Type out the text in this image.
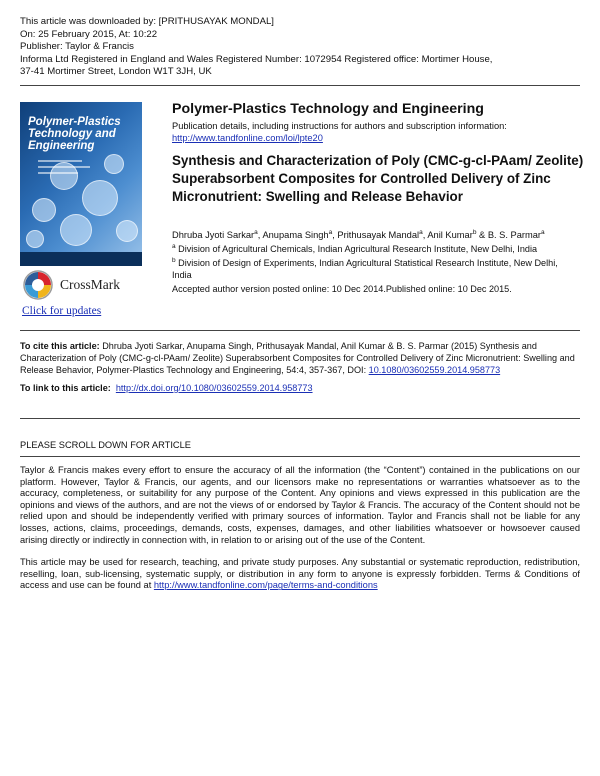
This article was downloaded by: [PRITHUSAYAK MONDAL]
On: 25 February 2015, At: 10:22
Publisher: Taylor & Francis
Informa Ltd Registered in England and Wales Registered Number: 1072954 Registered office: Mortimer House,
37-41 Mortimer Street, London W1T 3JH, UK
Polymer-Plastics
Technology and
Engineering
CrossMark
Click for updates
Polymer-Plastics Technology and Engineering
Publication details, including instructions for authors and subscription information:
http://www.tandfonline.com/loi/lpte20
Synthesis and Characterization of Poly (CMC-g-cl-PAam/ Zeolite) Superabsorbent Composites for Controlled Delivery of Zinc Micronutrient: Swelling and Release Behavior
Dhruba Jyoti Sarkar$^a$, Anupama Singh$^a$, Prithusayak Mandal$^a$, Anil Kumar$^b$ & B. S. Parmar$^a$
$^a$ Division of Agricultural Chemicals, Indian Agricultural Research Institute, New Delhi, India
$^b$ Division of Design of Experiments, Indian Agricultural Statistical Research Institute, New Delhi, India
Accepted author version posted online: 10 Dec 2014.Published online: 10 Dec 2015.
To cite this article: Dhruba Jyoti Sarkar, Anupama Singh, Prithusayak Mandal, Anil Kumar & B. S. Parmar (2015) Synthesis and Characterization of Poly (CMC-g-cl-PAam/ Zeolite) Superabsorbent Composites for Controlled Delivery of Zinc Micronutrient: Swelling and Release Behavior, Polymer-Plastics Technology and Engineering, 54:4, 357-367, DOI: 10.1080/03602559.2014.958773
To link to this article: http://dx.doi.org/10.1080/03602559.2014.958773
PLEASE SCROLL DOWN FOR ARTICLE

Taylor & Francis makes every effort to ensure the accuracy of all the information (the “Content”) contained in the publications on our platform. However, Taylor & Francis, our agents, and our licensors make no representations or warranties whatsoever as to the accuracy, completeness, or suitability for any purpose of the Content. Any opinions and views expressed in this publication are the opinions and views of the authors, and are not the views of or endorsed by Taylor & Francis. The accuracy of the Content should not be relied upon and should be independently verified with primary sources of information. Taylor and Francis shall not be liable for any losses, actions, claims, proceedings, demands, costs, expenses, damages, and other liabilities whatsoever or howsoever caused arising directly or indirectly in connection with, in relation to or arising out of the use of the Content.

This article may be used for research, teaching, and private study purposes. Any substantial or systematic reproduction, redistribution, reselling, loan, sub-licensing, systematic supply, or distribution in any form to anyone is expressly forbidden. Terms & Conditions of access and use can be found at http://www.tandfonline.com/page/terms-and-conditions
